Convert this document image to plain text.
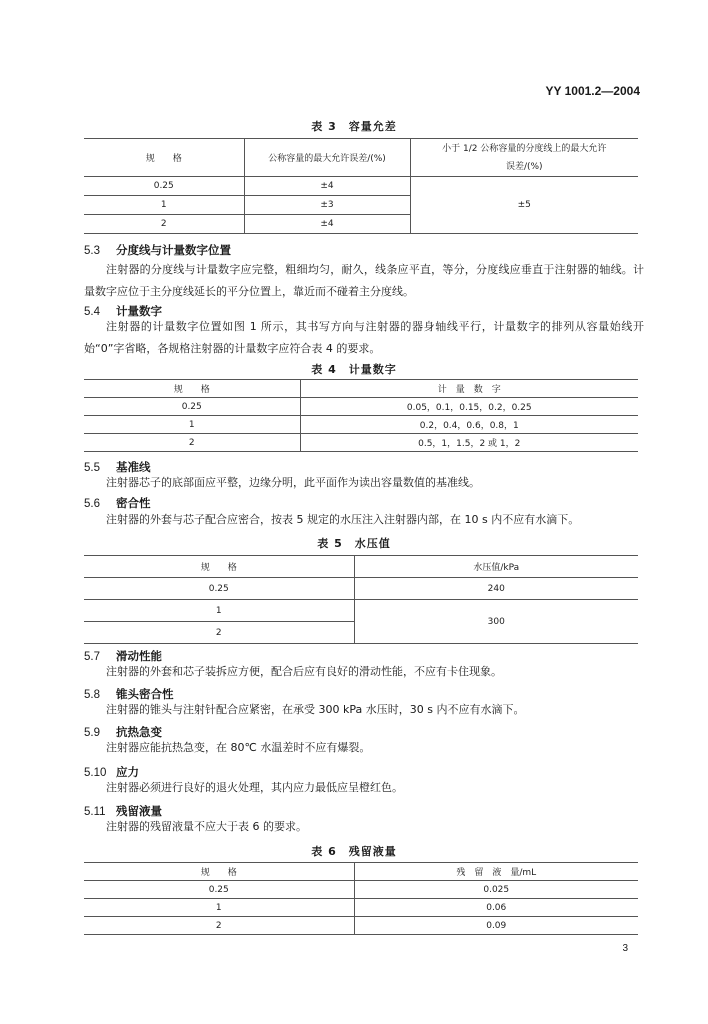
YY 1001.2—2004
表 3　容量允差
规　　格	公称容量的最大允许误差/(%)	小于 1/2 公称容量的分度线上的最大允许误差/(%)
0.25	±4	±5
1	±3	
2	±4	
5.3 分度线与计量数字位置
注射器的分度线与计量数字应完整，粗细均匀，耐久，线条应平直，等分，分度线应垂直于注射器的轴线。计量数字应位于主分度线延长的平分位置上，靠近而不碰着主分度线。
5.4 计量数字
注射器的计量数字位置如图 1 所示，其书写方向与注射器的器身轴线平行，计量数字的排列从容量始线开始“0”字省略，各规格注射器的计量数字应符合表 4 的要求。
表 4　计量数字
规　　格	计　量　数　字
0.25	0.05，0.1，0.15，0.2，0.25
1	0.2，0.4，0.6，0.8，1
2	0.5，1，1.5，2 或 1，2
5.5 基准线
注射器芯子的底部面应平整，边缘分明，此平面作为读出容量数值的基准线。
5.6 密合性
注射器的外套与芯子配合应密合，按表 5 规定的水压注入注射器内部，在 10 s 内不应有水滴下。
表 5　水压值
规　　格	水压值/kPa
0.25	240
1	300
2	
5.7 滑动性能
注射器的外套和芯子装拆应方便，配合后应有良好的滑动性能，不应有卡住现象。
5.8 锥头密合性
注射器的锥头与注射针配合应紧密，在承受 300 kPa 水压时，30 s 内不应有水滴下。
5.9 抗热急变
注射器应能抗热急变，在 80℃ 水温差时不应有爆裂。
5.10 应力
注射器必须进行良好的退火处理，其内应力最低应呈橙红色。
5.11 残留液量
注射器的残留液量不应大于表 6 的要求。
表 6　残留液量
规　　格	残　留　液　量/mL
0.25	0.025
1	0.06
2	0.09
3
